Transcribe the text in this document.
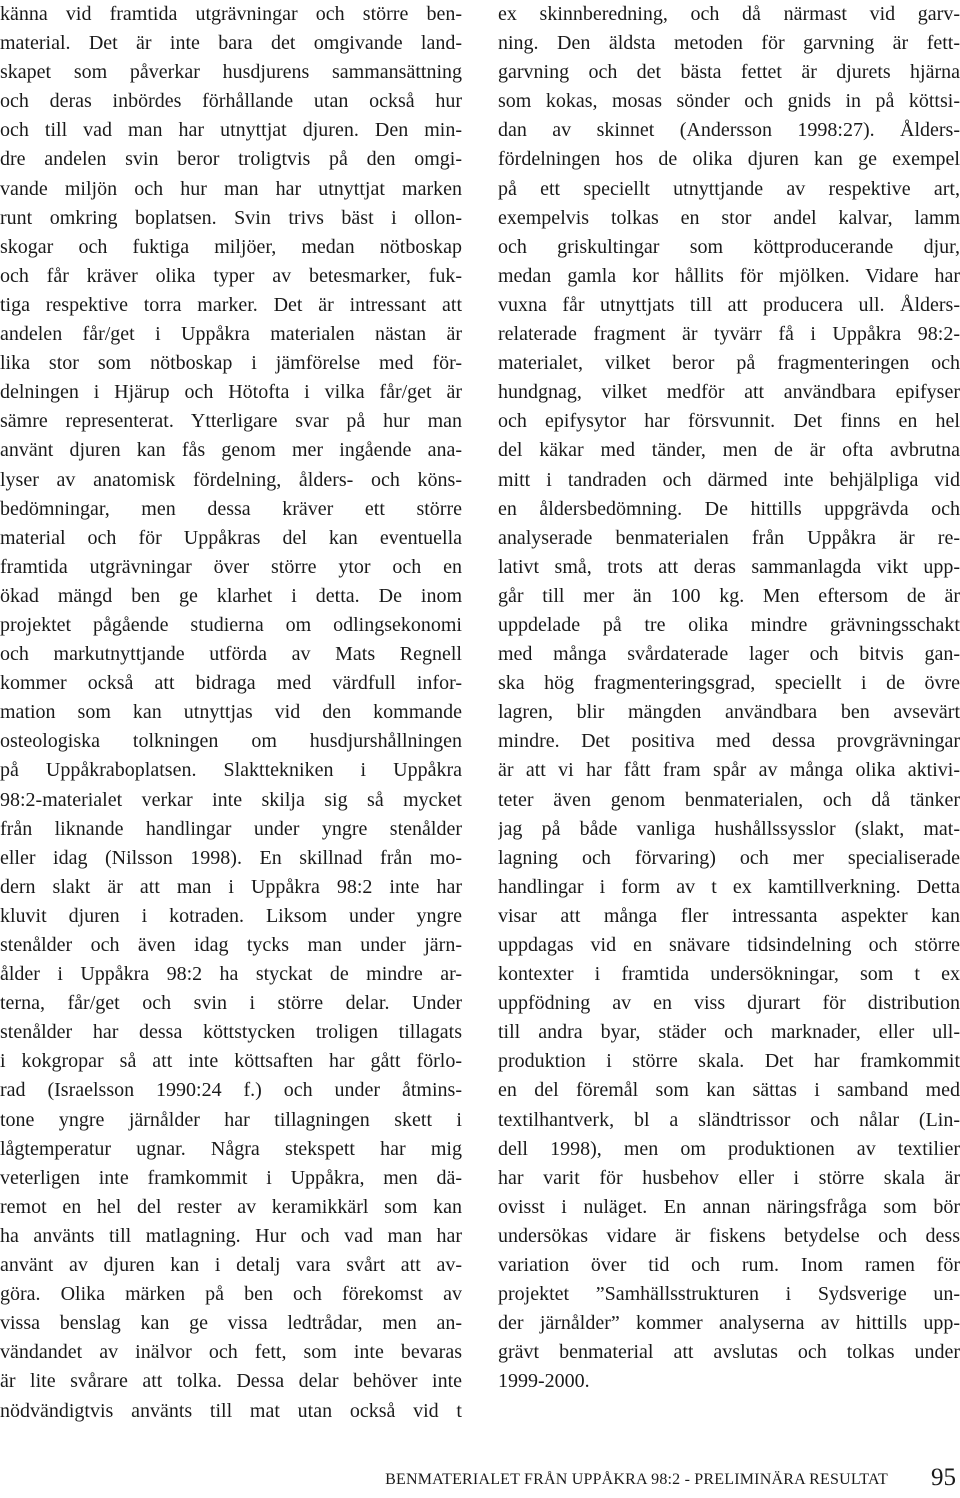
känna vid framtida utgrävningar och större ben-
material. Det är inte bara det omgivande land-
skapet som påverkar husdjurens sammansättning
och deras inbördes förhållande utan också hur
och till vad man har utnyttjat djuren. Den min-
dre andelen svin beror troligtvis på den omgi-
vande miljön och hur man har utnyttjat marken
runt omkring boplatsen. Svin trivs bäst i ollon-
skogar och fuktiga miljöer, medan nötboskap
och får kräver olika typer av betesmarker, fuk-
tiga respektive torra marker. Det är intressant att
andelen får/get i Uppåkra materialen nästan är
lika stor som nötboskap i jämförelse med för-
delningen i Hjärup och Hötofta i vilka får/get är
sämre representerat. Ytterligare svar på hur man
använt djuren kan fås genom mer ingående ana-
lyser av anatomisk fördelning, ålders- och köns-
bedömningar, men dessa kräver ett större
material och för Uppåkras del kan eventuella
framtida utgrävningar över större ytor och en
ökad mängd ben ge klarhet i detta. De inom
projektet pågående studierna om odlingsekonomi
och markutnyttjande utförda av Mats Regnell
kommer också att bidraga med värdfull infor-
mation som kan utnyttjas vid den kommande
osteologiska tolkningen om husdjurshållningen
på Uppåkraboplatsen. Slakttekniken i Uppåkra
98:2-materialet verkar inte skilja sig så mycket
från liknande handlingar under yngre stenålder
eller idag (Nilsson 1998). En skillnad från mo-
dern slakt är att man i Uppåkra 98:2 inte har
kluvit djuren i kotraden. Liksom under yngre
stenålder och även idag tycks man under järn-
ålder i Uppåkra 98:2 ha styckat de mindre ar-
terna, får/get och svin i större delar. Under
stenålder har dessa köttstycken troligen tillagats
i kokgropar så att inte köttsaften har gått förlo-
rad (Israelsson 1990:24 f.) och under åtmins-
tone yngre järnålder har tillagningen skett i
lågtemperatur ugnar. Några stekspett har mig
veterligen inte framkommit i Uppåkra, men dä-
remot en hel del rester av keramikkärl som kan
ha använts till matlagning. Hur och vad man har
använt av djuren kan i detalj vara svårt att av-
göra. Olika märken på ben och förekomst av
vissa benslag kan ge vissa ledtrådar, men an-
vändandet av inälvor och fett, som inte bevaras
är lite svårare att tolka. Dessa delar behöver inte
nödvändigtvis använts till mat utan också vid t
ex skinnberedning, och då närmast vid garv-
ning. Den äldsta metoden för garvning är fett-
garvning och det bästa fettet är djurets hjärna
som kokas, mosas sönder och gnids in på köttsi-
dan av skinnet (Andersson 1998:27). Ålders-
fördelningen hos de olika djuren kan ge exempel
på ett speciellt utnyttjande av respektive art,
exempelvis tolkas en stor andel kalvar, lamm
och griskultingar som köttproducerande djur,
medan gamla kor hållits för mjölken. Vidare har
vuxna får utnyttjats till att producera ull. Ålders-
relaterade fragment är tyvärr få i Uppåkra 98:2-
materialet, vilket beror på fragmenteringen och
hundgnag, vilket medför att användbara epifyser
och epifysytor har försvunnit. Det finns en hel
del käkar med tänder, men de är ofta avbrutna
mitt i tandraden och därmed inte behjälpliga vid
en åldersbedömning. De hittills uppgrävda och
analyserade benmaterialen från Uppåkra är re-
lativt små, trots att deras sammanlagda vikt upp-
går till mer än 100 kg. Men eftersom de är
uppdelade på tre olika mindre grävningsschakt
med många svårdaterade lager och bitvis gan-
ska hög fragmenteringsgrad, speciellt i de övre
lagren, blir mängden användbara ben avsevärt
mindre. Det positiva med dessa provgrävningar
är att vi har fått fram spår av många olika aktivi-
teter även genom benmaterialen, och då tänker
jag på både vanliga hushållssysslor (slakt, mat-
lagning och förvaring) och mer specialiserade
handlingar i form av t ex kamtillverkning. Detta
visar att många fler intressanta aspekter kan
uppdagas vid en snävare tidsindelning och större
kontexter i framtida undersökningar, som t ex
uppfödning av en viss djurart för distribution
till andra byar, städer och marknader, eller ull-
produktion i större skala. Det har framkommit
en del föremål som kan sättas i samband med
textilhantverk, bl a sländtrissor och nålar (Lin-
dell 1998), men om produktionen av textilier
har varit för husbehov eller i större skala är
ovisst i nuläget. En annan näringsfråga som bör
undersökas vidare är fiskens betydelse och dess
variation över tid och rum. Inom ramen för
projektet ”Samhällsstrukturen i Sydsverige un-
der järnålder” kommer analyserna av hittills upp-
grävt benmaterial att avslutas och tolkas under
1999-2000.
BENMATERIALET FRÅN UPPÅKRA 98:2 - PRELIMINÄRA RESULTAT 95
